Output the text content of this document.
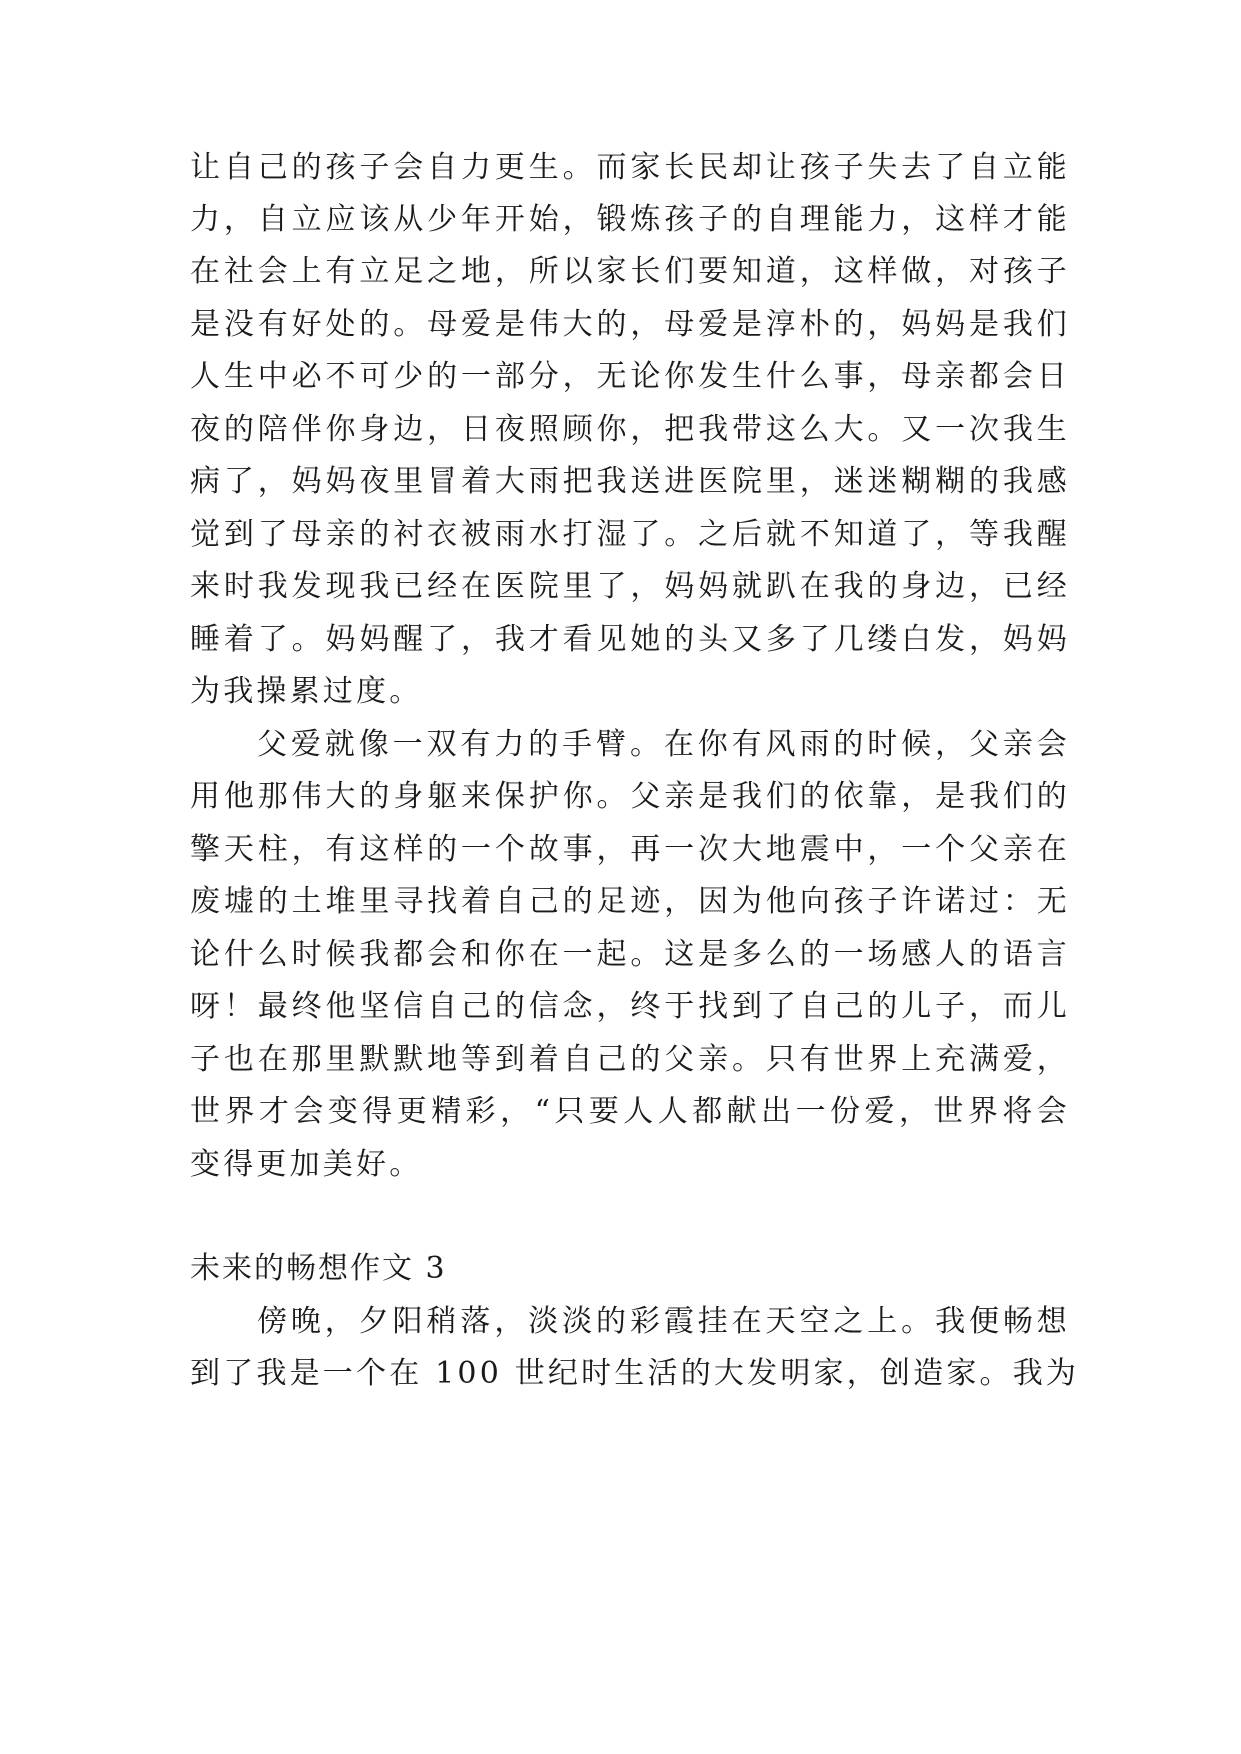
让自己的孩子会自力更生。而家长民却让孩子失去了自立能
力，自立应该从少年开始，锻炼孩子的自理能力，这样才能
在社会上有立足之地，所以家长们要知道，这样做，对孩子
是没有好处的。母爱是伟大的，母爱是淳朴的，妈妈是我们
人生中必不可少的一部分，无论你发生什么事，母亲都会日
夜的陪伴你身边，日夜照顾你，把我带这么大。又一次我生
病了，妈妈夜里冒着大雨把我送进医院里，迷迷糊糊的我感
觉到了母亲的衬衣被雨水打湿了。之后就不知道了，等我醒
来时我发现我已经在医院里了，妈妈就趴在我的身边，已经
睡着了。妈妈醒了，我才看见她的头又多了几缕白发，妈妈
为我操累过度。
父爱就像一双有力的手臂。在你有风雨的时候，父亲会
用他那伟大的身躯来保护你。父亲是我们的依靠，是我们的
擎天柱，有这样的一个故事，再一次大地震中，一个父亲在
废墟的土堆里寻找着自己的足迹，因为他向孩子许诺过：无
论什么时候我都会和你在一起。这是多么的一场感人的语言
呀！最终他坚信自己的信念，终于找到了自己的儿子，而儿
子也在那里默默地等到着自己的父亲。只有世界上充满爱，
世界才会变得更精彩，“只要人人都献出一份爱，世界将会
变得更加美好。
未来的畅想作文 3
傍晚，夕阳稍落，淡淡的彩霞挂在天空之上。我便畅想
到了我是一个在 100 世纪时生活的大发明家，创造家。我为
